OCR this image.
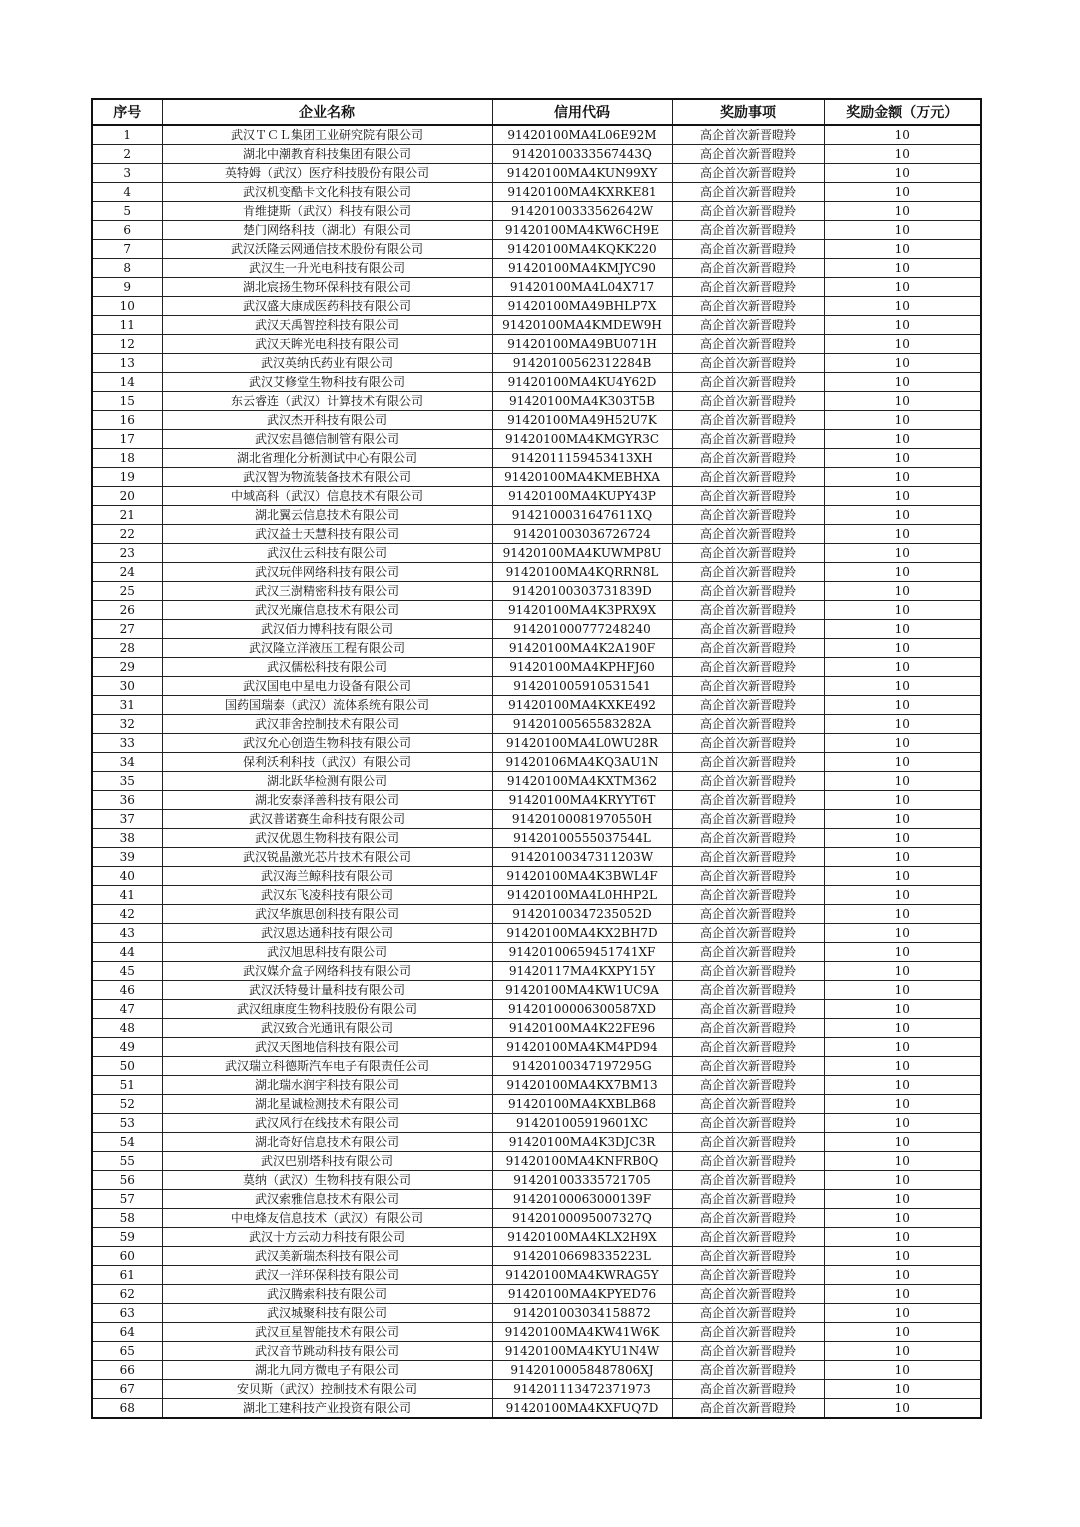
序号	企业名称	信用代码	奖励事项	奖励金额（万元）
1	武汉ＴＣＬ集团工业研究院有限公司	91420100MA4L06E92M	高企首次新晋瞪羚	10
2	湖北中潮教育科技集团有限公司	91420100333567443Q	高企首次新晋瞪羚	10
3	英特姆（武汉）医疗科技股份有限公司	91420100MA4KUN99XY	高企首次新晋瞪羚	10
4	武汉机变酷卡文化科技有限公司	91420100MA4KXRKE81	高企首次新晋瞪羚	10
5	肯维捷斯（武汉）科技有限公司	91420100333562642W	高企首次新晋瞪羚	10
6	楚门网络科技（湖北）有限公司	91420100MA4KW6CH9E	高企首次新晋瞪羚	10
7	武汉沃隆云网通信技术股份有限公司	91420100MA4KQKK220	高企首次新晋瞪羚	10
8	武汉生一升光电科技有限公司	91420100MA4KMJYC90	高企首次新晋瞪羚	10
9	湖北宸扬生物环保科技有限公司	91420100MA4L04X717	高企首次新晋瞪羚	10
10	武汉盛大康成医药科技有限公司	91420100MA49BHLP7X	高企首次新晋瞪羚	10
11	武汉天禹智控科技有限公司	91420100MA4KMDEW9H	高企首次新晋瞪羚	10
12	武汉天眸光电科技有限公司	91420100MA49BU071H	高企首次新晋瞪羚	10
13	武汉英纳氏药业有限公司	91420100562312284B	高企首次新晋瞪羚	10
14	武汉艾修堂生物科技有限公司	91420100MA4KU4Y62D	高企首次新晋瞪羚	10
15	东云睿连（武汉）计算技术有限公司	91420100MA4K303T5B	高企首次新晋瞪羚	10
16	武汉杰开科技有限公司	91420100MA49H52U7K	高企首次新晋瞪羚	10
17	武汉宏昌德信制管有限公司	91420100MA4KMGYR3C	高企首次新晋瞪羚	10
18	湖北省理化分析测试中心有限公司	9142011159453413XH	高企首次新晋瞪羚	10
19	武汉智为物流装备技术有限公司	91420100MA4KMEBHXA	高企首次新晋瞪羚	10
20	中域高科（武汉）信息技术有限公司	91420100MA4KUPY43P	高企首次新晋瞪羚	10
21	湖北翼云信息技术有限公司	9142100031647611XQ	高企首次新晋瞪羚	10
22	武汉益士天慧科技有限公司	914201003036726724	高企首次新晋瞪羚	10
23	武汉仕云科技有限公司	91420100MA4KUWMP8U	高企首次新晋瞪羚	10
24	武汉玩伴网络科技有限公司	91420100MA4KQRRN8L	高企首次新晋瞪羚	10
25	武汉三澍精密科技有限公司	91420100303731839D	高企首次新晋瞪羚	10
26	武汉光廉信息技术有限公司	91420100MA4K3PRX9X	高企首次新晋瞪羚	10
27	武汉佰力博科技有限公司	914201000777248240	高企首次新晋瞪羚	10
28	武汉隆立洋液压工程有限公司	91420100MA4K2A190F	高企首次新晋瞪羚	10
29	武汉儒松科技有限公司	91420100MA4KPHFJ60	高企首次新晋瞪羚	10
30	武汉国电中星电力设备有限公司	914201005910531541	高企首次新晋瞪羚	10
31	国药国瑞泰（武汉）流体系统有限公司	91420100MA4KXKE492	高企首次新晋瞪羚	10
32	武汉菲舍控制技术有限公司	91420100565583282A	高企首次新晋瞪羚	10
33	武汉允心创造生物科技有限公司	91420100MA4L0WU28R	高企首次新晋瞪羚	10
34	保利沃利科技（武汉）有限公司	91420106MA4KQ3AU1N	高企首次新晋瞪羚	10
35	湖北跃华检测有限公司	91420100MA4KXTM362	高企首次新晋瞪羚	10
36	湖北安泰泽善科技有限公司	91420100MA4KRYYT6T	高企首次新晋瞪羚	10
37	武汉普诺赛生命科技有限公司	91420100081970550H	高企首次新晋瞪羚	10
38	武汉优恩生物科技有限公司	91420100555037544L	高企首次新晋瞪羚	10
39	武汉锐晶激光芯片技术有限公司	91420100347311203W	高企首次新晋瞪羚	10
40	武汉海兰鲸科技有限公司	91420100MA4K3BWL4F	高企首次新晋瞪羚	10
41	武汉东飞凌科技有限公司	91420100MA4L0HHP2L	高企首次新晋瞪羚	10
42	武汉华旗思创科技有限公司	91420100347235052D	高企首次新晋瞪羚	10
43	武汉恩达通科技有限公司	91420100MA4KX2BH7D	高企首次新晋瞪羚	10
44	武汉旭思科技有限公司	91420100659451741XF	高企首次新晋瞪羚	10
45	武汉媒介盒子网络科技有限公司	91420117MA4KXPY15Y	高企首次新晋瞪羚	10
46	武汉沃特曼计量科技有限公司	91420100MA4KW1UC9A	高企首次新晋瞪羚	10
47	武汉纽康度生物科技股份有限公司	91420100006300587XD	高企首次新晋瞪羚	10
48	武汉致合光通讯有限公司	91420100MA4K22FE96	高企首次新晋瞪羚	10
49	武汉天图地信科技有限公司	91420100MA4KM4PD94	高企首次新晋瞪羚	10
50	武汉瑞立科德斯汽车电子有限责任公司	91420100347197295G	高企首次新晋瞪羚	10
51	湖北瑞水润宇科技有限公司	91420100MA4KX7BM13	高企首次新晋瞪羚	10
52	湖北星诚检测技术有限公司	91420100MA4KXBLB68	高企首次新晋瞪羚	10
53	武汉风行在线技术有限公司	914201005919601XC	高企首次新晋瞪羚	10
54	湖北奇好信息技术有限公司	91420100MA4K3DJC3R	高企首次新晋瞪羚	10
55	武汉巴别塔科技有限公司	91420100MA4KNFRB0Q	高企首次新晋瞪羚	10
56	莫纳（武汉）生物科技有限公司	914201003335721705	高企首次新晋瞪羚	10
57	武汉索雅信息技术有限公司	91420100063000139F	高企首次新晋瞪羚	10
58	中电烽友信息技术（武汉）有限公司	91420100095007327Q	高企首次新晋瞪羚	10
59	武汉十方云动力科技有限公司	91420100MA4KLX2H9X	高企首次新晋瞪羚	10
60	武汉美新瑞杰科技有限公司	91420106698335223L	高企首次新晋瞪羚	10
61	武汉一洋环保科技有限公司	91420100MA4KWRAG5Y	高企首次新晋瞪羚	10
62	武汉腾索科技有限公司	91420100MA4KPYED76	高企首次新晋瞪羚	10
63	武汉城聚科技有限公司	914201003034158872	高企首次新晋瞪羚	10
64	武汉亘星智能技术有限公司	91420100MA4KW41W6K	高企首次新晋瞪羚	10
65	武汉音节跳动科技有限公司	91420100MA4KYU1N4W	高企首次新晋瞪羚	10
66	湖北九同方微电子有限公司	91420100058487806XJ	高企首次新晋瞪羚	10
67	安贝斯（武汉）控制技术有限公司	914201113472371973	高企首次新晋瞪羚	10
68	湖北工建科技产业投资有限公司	91420100MA4KXFUQ7D	高企首次新晋瞪羚	10
